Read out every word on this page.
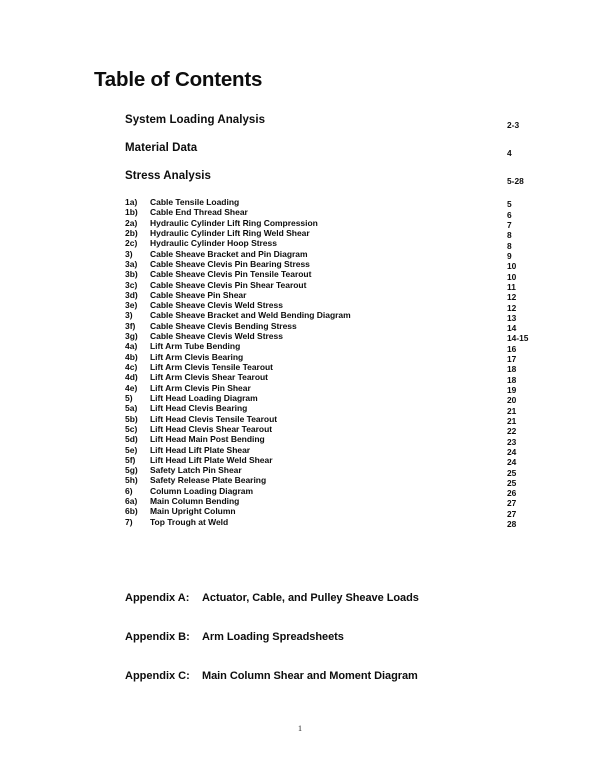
Table of Contents
System Loading Analysis	2-3
Material Data	4
Stress Analysis	5-28
1a)	Cable Tensile Loading	5
1b)	Cable End Thread Shear	6
2a)	Hydraulic Cylinder Lift Ring Compression	7
2b)	Hydraulic Cylinder Lift Ring Weld Shear	8
2c)	Hydraulic Cylinder Hoop Stress	8
3)	Cable Sheave Bracket and Pin Diagram	9
3a)	Cable Sheave Clevis Pin Bearing Stress	10
3b)	Cable Sheave Clevis Pin Tensile Tearout	10
3c)	Cable Sheave Clevis Pin Shear Tearout	11
3d)	Cable Sheave Pin Shear	12
3e)	Cable Sheave Clevis Weld Stress	12
3)	Cable Sheave Bracket and Weld Bending Diagram	13
3f)	Cable Sheave Clevis Bending Stress	14
3g)	Cable Sheave Clevis Weld Stress	14-15
4a)	Lift Arm Tube Bending	16
4b)	Lift Arm Clevis Bearing	17
4c)	Lift Arm Clevis Tensile Tearout	18
4d)	Lift Arm Clevis Shear Tearout	18
4e)	Lift Arm Clevis Pin Shear	19
5)	Lift Head Loading Diagram	20
5a)	Lift Head Clevis Bearing	21
5b)	Lift Head Clevis Tensile Tearout	21
5c)	Lift Head Clevis Shear Tearout	22
5d)	Lift Head Main Post Bending	23
5e)	Lift Head Lift Plate Shear	24
5f)	Lift Head Lift Plate Weld Shear	24
5g)	Safety Latch Pin Shear	25
5h)	Safety Release Plate Bearing	25
6)	Column Loading Diagram	26
6a)	Main Column Bending	27
6b)	Main Upright Column	27
7)	Top Trough at Weld	28
Appendix A: Actuator, Cable, and Pulley Sheave Loads
Appendix B: Arm Loading Spreadsheets
Appendix C: Main Column Shear and Moment Diagram
1
